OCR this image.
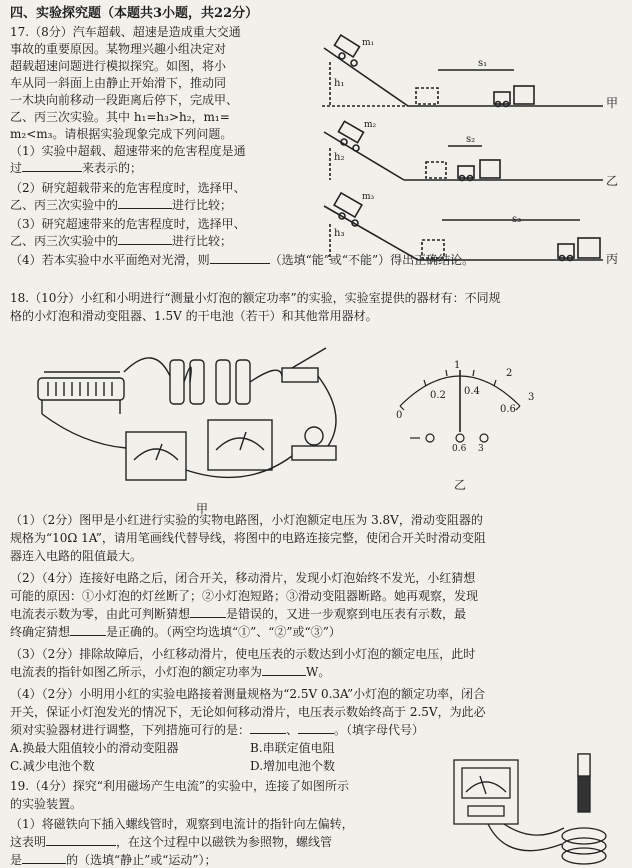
四、实验探究题（本题共3小题，共22分）
17.（8分）汽车超载、超速是造成重大交通
事故的重要原因。某物理兴趣小组决定对
超载超速问题进行模拟探究。如图，将小
车从同一斜面上由静止开始滑下，推动同
一木块向前移动一段距离后停下，完成甲、
乙、丙三次实验。其中 h₁=h₃>h₂，m₁=
m₂<m₃。请根据实验现象完成下列问题。
（1）实验中超载、超速带来的危害程度是通
过	来表示的；
（2）研究超载带来的危害程度时，选择甲、
乙、丙三次实验中的	进行比较；
（3）研究超速带来的危害程度时，选择甲、
乙、丙三次实验中的	进行比较；
（4）若本实验中水平面绝对光滑，则	（选填“能”或“不能”）得出正确结论。
m₁
h₁
s₁
甲
m₂
h₂
s₂
乙
m₃
h₃
s₃
丙
18.（10分）小红和小明进行“测量小灯泡的额定功率”的实验，实验室提供的器材有：不同规
格的小灯泡和滑动变阻器、1.5V 的干电池（若干）和其他常用器材。
甲
1
2
3
0
0.2 0.4
0.6
0.6 3
乙
（1）（2分）图甲是小红进行实验的实物电路图，小灯泡额定电压为 3.8V，滑动变阻器的
规格为“10Ω 1A”，请用笔画线代替导线，将图中的电路连接完整，使闭合开关时滑动变阻
器连入电路的阻值最大。
（2）（4分）连接好电路之后，闭合开关，移动滑片，发现小灯泡始终不发光，小红猜想
可能的原因：①小灯泡的灯丝断了；②小灯泡短路；③滑动变阻器断路。她再观察，发现
电流表示数为零，由此可判断猜想	是错误的，又进一步观察到电压表有示数，最
终确定猜想	是正确的。（两空均选填“①”、“②”或“③”）
（3）（2分）排除故障后，小红移动滑片，使电压表的示数达到小灯泡的额定电压，此时
电流表的指针如图乙所示，小灯泡的额定功率为	W。
（4）（2分）小明用小红的实验电路接着测量规格为“2.5V 0.3A”小灯泡的额定功率，闭合
开关，保证小灯泡发光的情况下，无论如何移动滑片，电压表示数始终高于 2.5V，为此必
须对实验器材进行调整，下列措施可行的是：	、	。（填字母代号）
A.换最大阻值较小的滑动变阻器	B.串联定值电阻
C.减少电池个数	D.增加电池个数
19.（4分）探究“利用磁场产生电流”的实验中，连接了如图所示
的实验装置。
（1）将磁铁向下插入螺线管时，观察到电流计的指针向左偏转，
这表明	，在这个过程中以磁铁为参照物，螺线管
是	的（选填“静止”或“运动”）；
